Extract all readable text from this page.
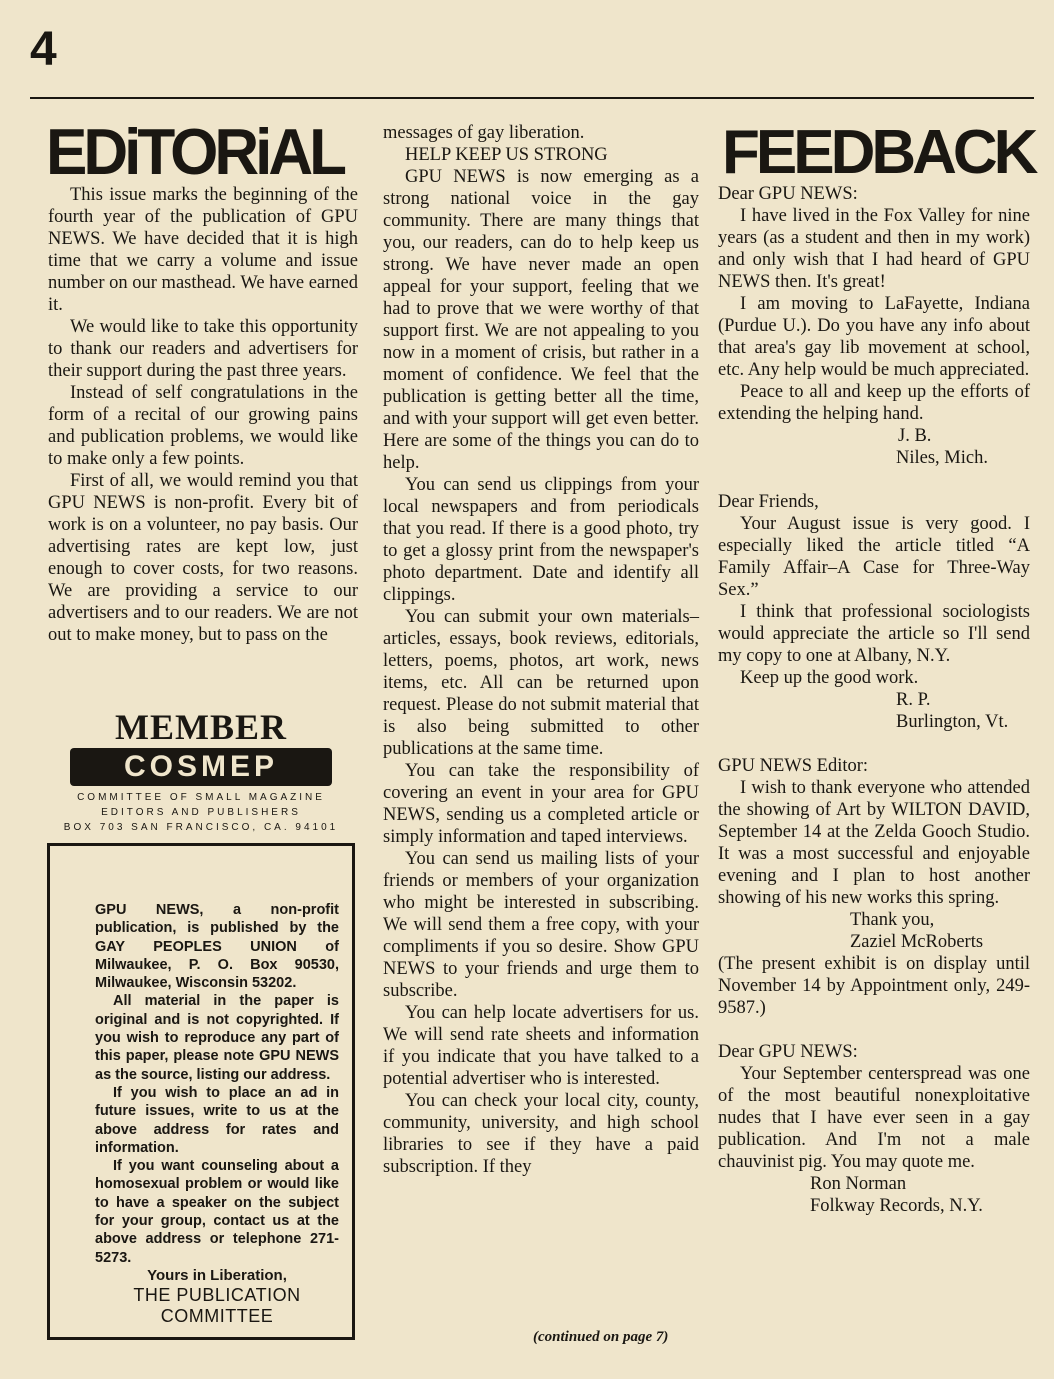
4
EDiTORiAL

This issue marks the beginning of the fourth year of the publication of GPU NEWS. We have decided that it is high time that we carry a volume and issue number on our masthead. We have earned it.

We would like to take this opportunity to thank our readers and advertisers for their support during the past three years.

Instead of self congratulations in the form of a recital of our growing pains and publication problems, we would like to make only a few points.

First of all, we would remind you that GPU NEWS is non-profit. Every bit of work is on a volunteer, no pay basis. Our advertising rates are kept low, just enough to cover costs, for two reasons. We are providing a service to our advertisers and to our readers. We are not out to make money, but to pass on the

MEMBER
COSMEP
COMMITTEE OF SMALL MAGAZINE
EDITORS AND PUBLISHERS
BOX 703 SAN FRANCISCO, CA. 94101

GPU NEWS, a non-profit publication, is published by the GAY PEOPLES UNION of Milwaukee, P. O. Box 90530, Milwaukee, Wisconsin 53202.

All material in the paper is original and is not copyrighted. If you wish to reproduce any part of this paper, please note GPU NEWS as the source, listing our address.

If you wish to place an ad in future issues, write to us at the above address for rates and information.

If you want counseling about a homosexual problem or would like to have a speaker on the subject for your group, contact us at the above address or telephone 271-5273.

Yours in Liberation,
THE PUBLICATION
COMMITTEE

messages of gay liberation.

HELP KEEP US STRONG

GPU NEWS is now emerging as a strong national voice in the gay community. There are many things that you, our readers, can do to help keep us strong. We have never made an open appeal for your support, feeling that we had to prove that we were worthy of that support first. We are not appealing to you now in a moment of crisis, but rather in a moment of confidence. We feel that the publication is getting better all the time, and with your support will get even better. Here are some of the things you can do to help.

You can send us clippings from your local newspapers and from periodicals that you read. If there is a good photo, try to get a glossy print from the newspaper's photo department. Date and identify all clippings.

You can submit your own materials–articles, essays, book reviews, editorials, letters, poems, photos, art work, news items, etc. All can be returned upon request. Please do not submit material that is also being submitted to other publications at the same time.

You can take the responsibility of covering an event in your area for GPU NEWS, sending us a completed article or simply information and taped interviews.

You can send us mailing lists of your friends or members of your organization who might be interested in subscribing. We will send them a free copy, with your compliments if you so desire. Show GPU NEWS to your friends and urge them to subscribe.

You can help locate advertisers for us. We will send rate sheets and information if you indicate that you have talked to a potential advertiser who is interested.

You can check your local city, county, community, university, and high school libraries to see if they have a paid subscription. If they

(continued on page 7)
FEEDBACK

Dear GPU NEWS:

I have lived in the Fox Valley for nine years (as a student and then in my work) and only wish that I had heard of GPU NEWS then. It's great!

I am moving to LaFayette, Indiana (Purdue U.). Do you have any info about that area's gay lib movement at school, etc. Any help would be much appreciated.

Peace to all and keep up the efforts of extending the helping hand.

J. B.

Niles, Mich.

Dear Friends,

Your August issue is very good. I especially liked the article titled “A Family Affair–A Case for Three-Way Sex.”

I think that professional sociologists would appreciate the article so I'll send my copy to one at Albany, N.Y.

Keep up the good work.

R. P.

Burlington, Vt.

GPU NEWS Editor:

I wish to thank everyone who attended the showing of Art by WILTON DAVID, September 14 at the Zelda Gooch Studio. It was a most successful and enjoyable evening and I plan to host another showing of his new works this spring.

Thank you,

Zaziel McRoberts

(The present exhibit is on display until November 14 by Appointment only, 249-9587.)

Dear GPU NEWS:

Your September centerspread was one of the most beautiful nonexploitative nudes that I have ever seen in a gay publication. And I'm not a male chauvinist pig. You may quote me.

Ron Norman

Folkway Records, N.Y.
